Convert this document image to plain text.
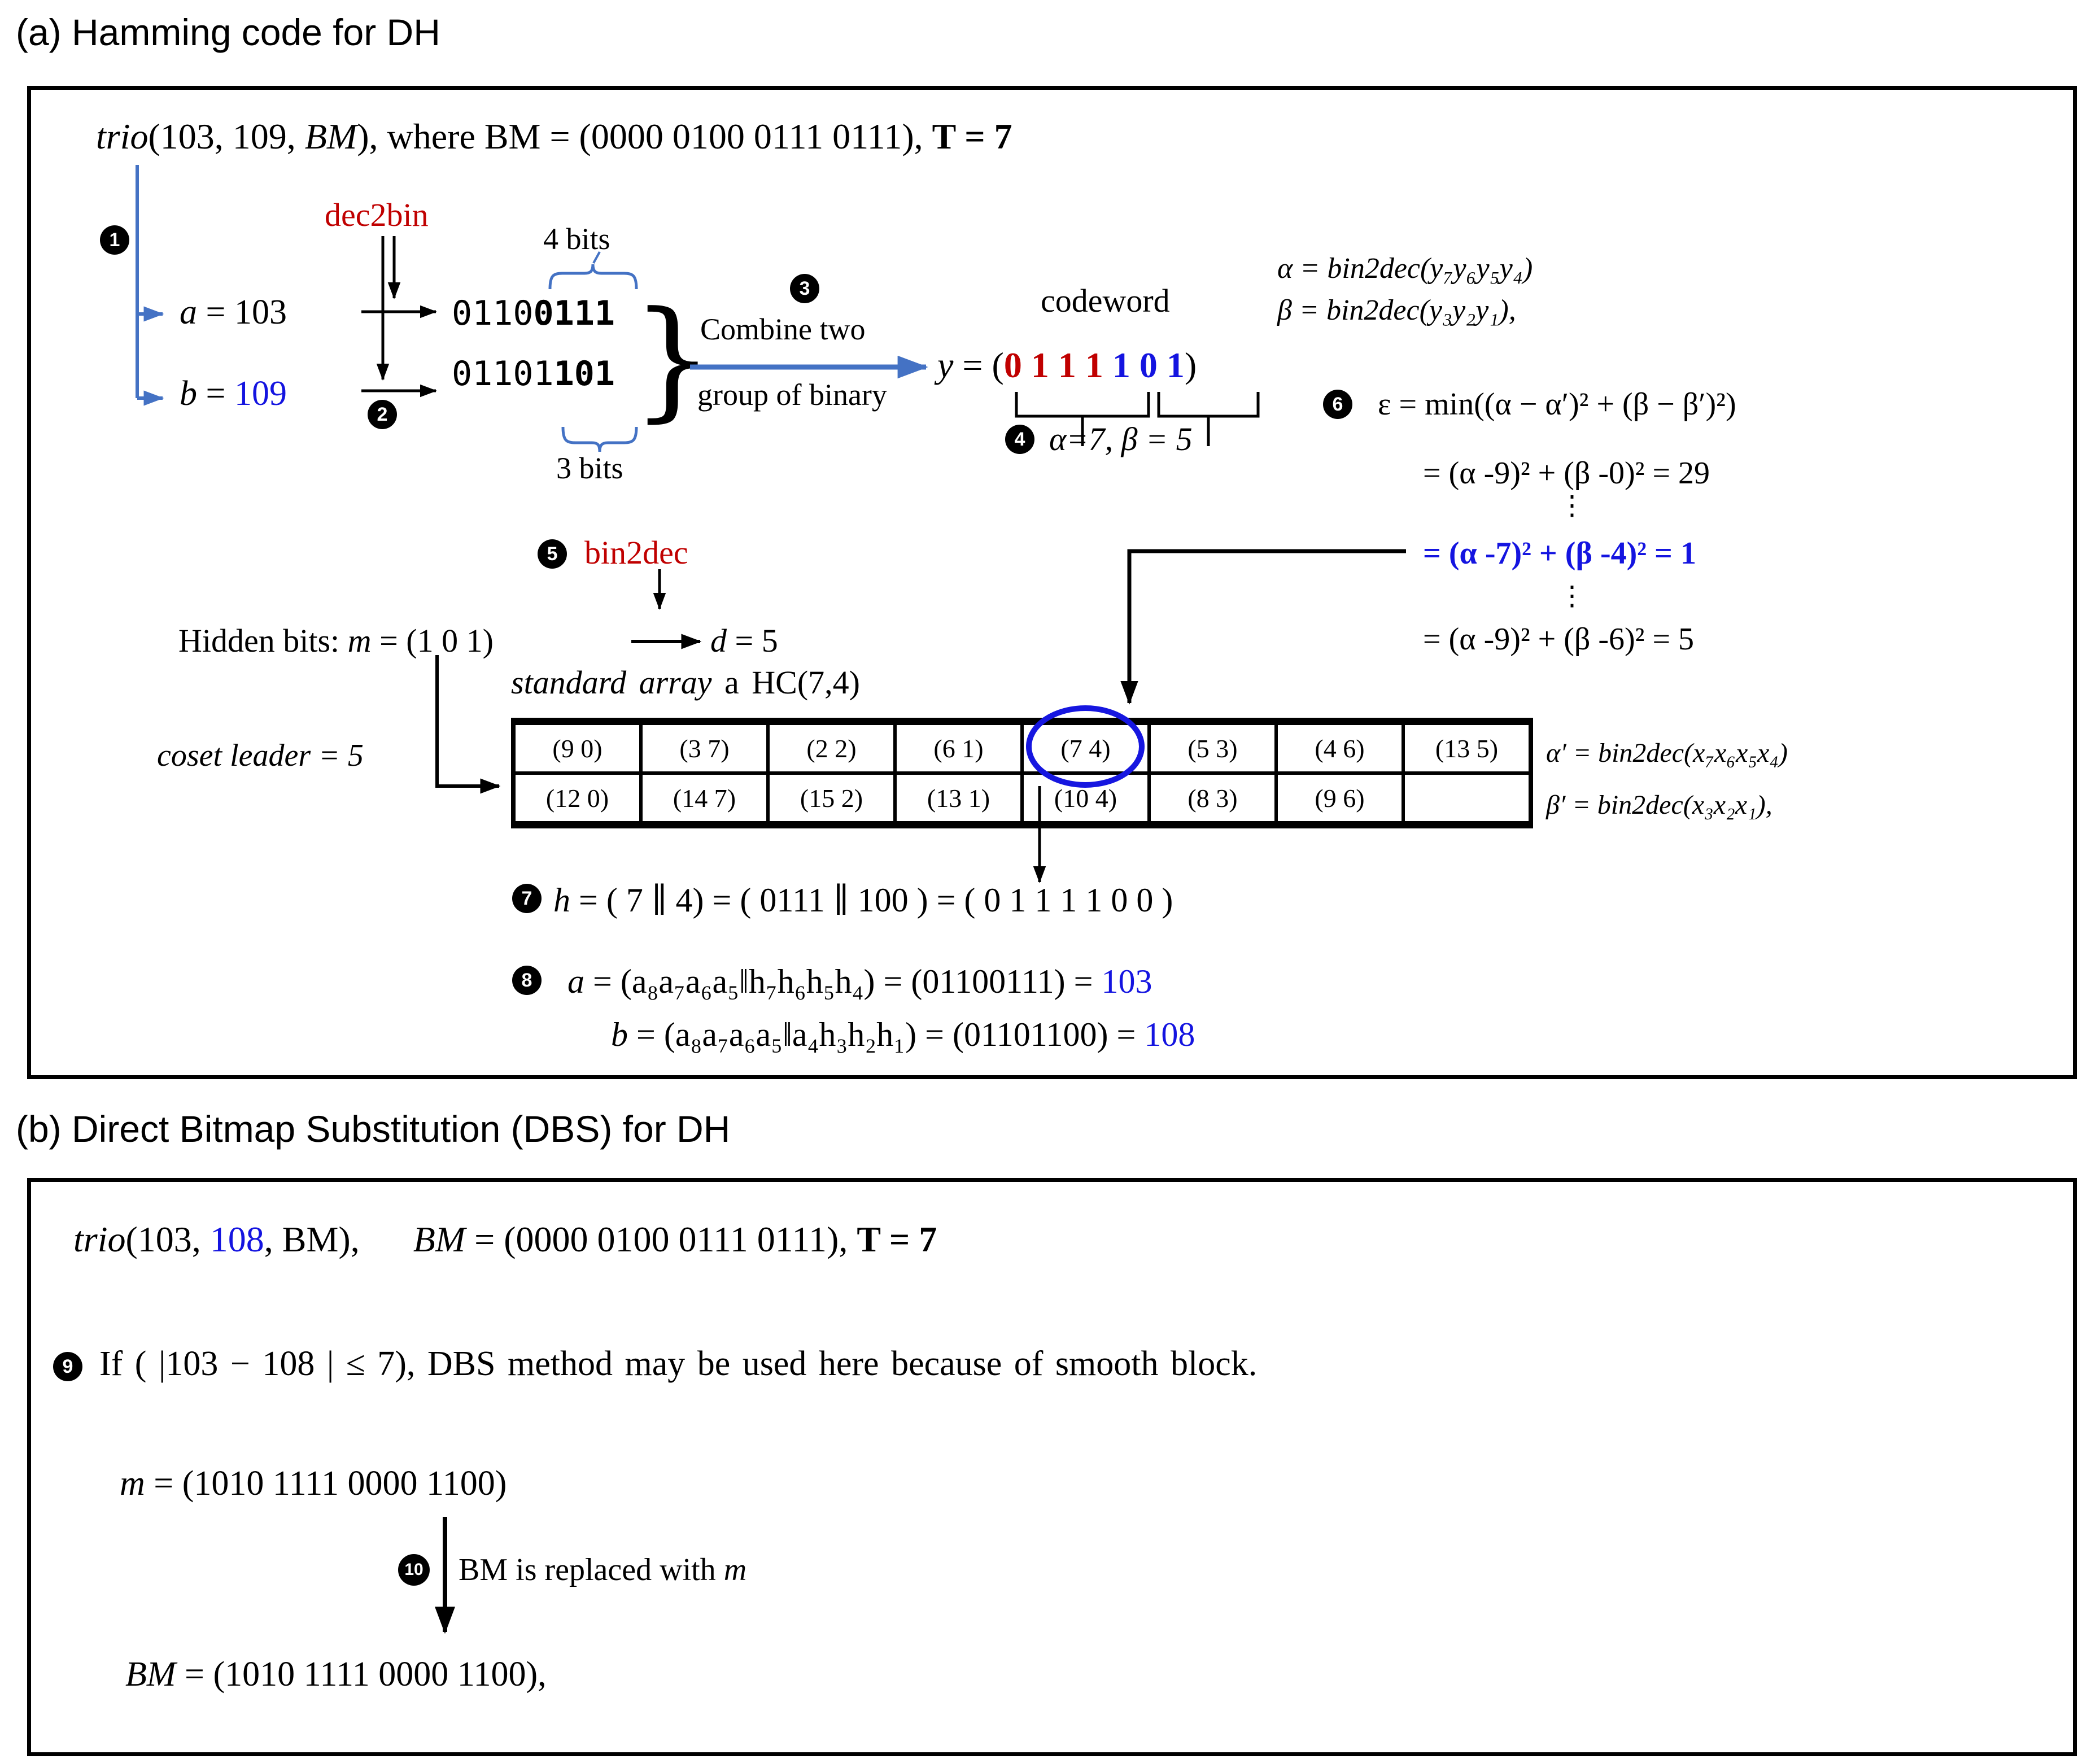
(a) Hamming code for DH
trio(103, 109, BM), where BM = (0000 0100 0111 0111), T = 7
1
2
3
4
5
6
7
8
dec2bin
a = 103	01100111
b = 109	01101101
4 bits
3 bits
}
Combine two
group of binary
codeword
y = (0 1 1 1 1 0 1)
α=7, β = 5
α = bin2dec(y₇y₆y₅y₄)
β = bin2dec(y₃y₂y₁),
ε = min((α − α′)² + (β − β′)²)
= (α -9)² + (β -0)² = 29
⋮
= (α -7)² + (β -4)² = 1
⋮
= (α -9)² + (β -6)² = 5
bin2dec
Hidden bits: m = (1 0 1)	d = 5
standard array a HC(7,4)
coset leader = 5	(9 0)	(3 7)	(2 2)	(6 1)	(7 4)	(5 3)	(4 6)	(13 5)
(12 0)	(14 7)	(15 2)	(13 1)	(10 4)	(8 3)	(9 6)
α′ = bin2dec(x₇x₆x₅x₄)
β′ = bin2dec(x₃x₂x₁),
h = ( 7 ∥ 4) = ( 0111 ∥ 100 ) = ( 0 1 1 1 1 0 0 )
a = (a₈a₇a₆a₅‖h₇h₆h₅h₄) = (01100111) = 103
b = (a₈a₇a₆a₅‖a₄h₃h₂h₁) = (01101100) = 108
(b) Direct Bitmap Substitution (DBS) for DH
trio(103, 108, BM), BM = (0000 0100 0111 0111), T = 7
9 If ( |103 − 108 | ≤ 7), DBS method may be used here because of smooth block.
m = (1010 1111 0000 1100)
10 BM is replaced with m
BM = (1010 1111 0000 1100),
